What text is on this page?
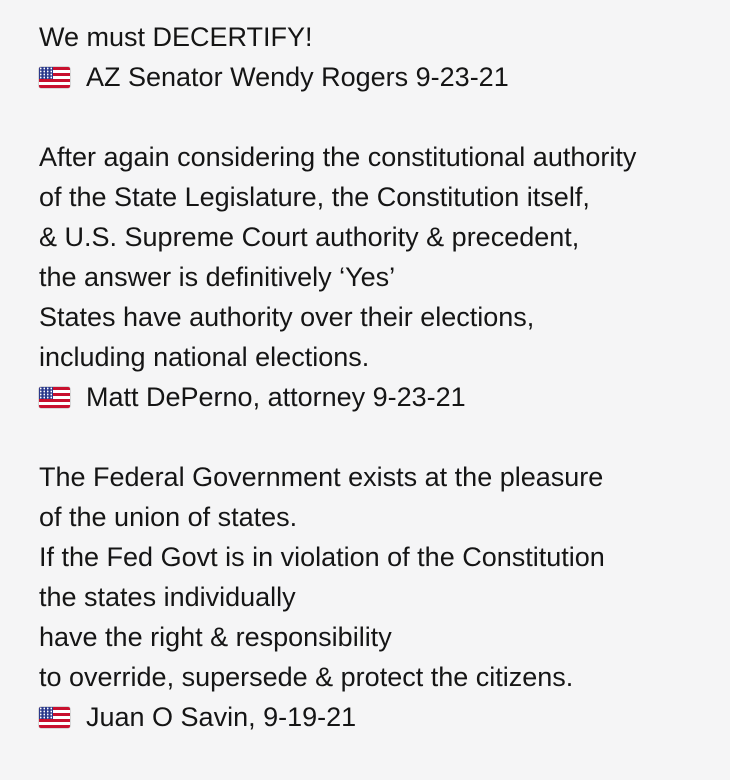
We must DECERTIFY!
AZ Senator Wendy Rogers 9-23-21
After again considering the constitutional authority
of the State Legislature, the Constitution itself,
& U.S. Supreme Court authority & precedent,
the answer is definitively ‘Yes’
States have authority over their elections,
including national elections.
Matt DePerno, attorney 9-23-21
The Federal Government exists at the pleasure
of the union of states.
If the Fed Govt is in violation of the Constitution
the states individually
have the right & responsibility
to override, supersede & protect the citizens.
Juan O Savin, 9-19-21
